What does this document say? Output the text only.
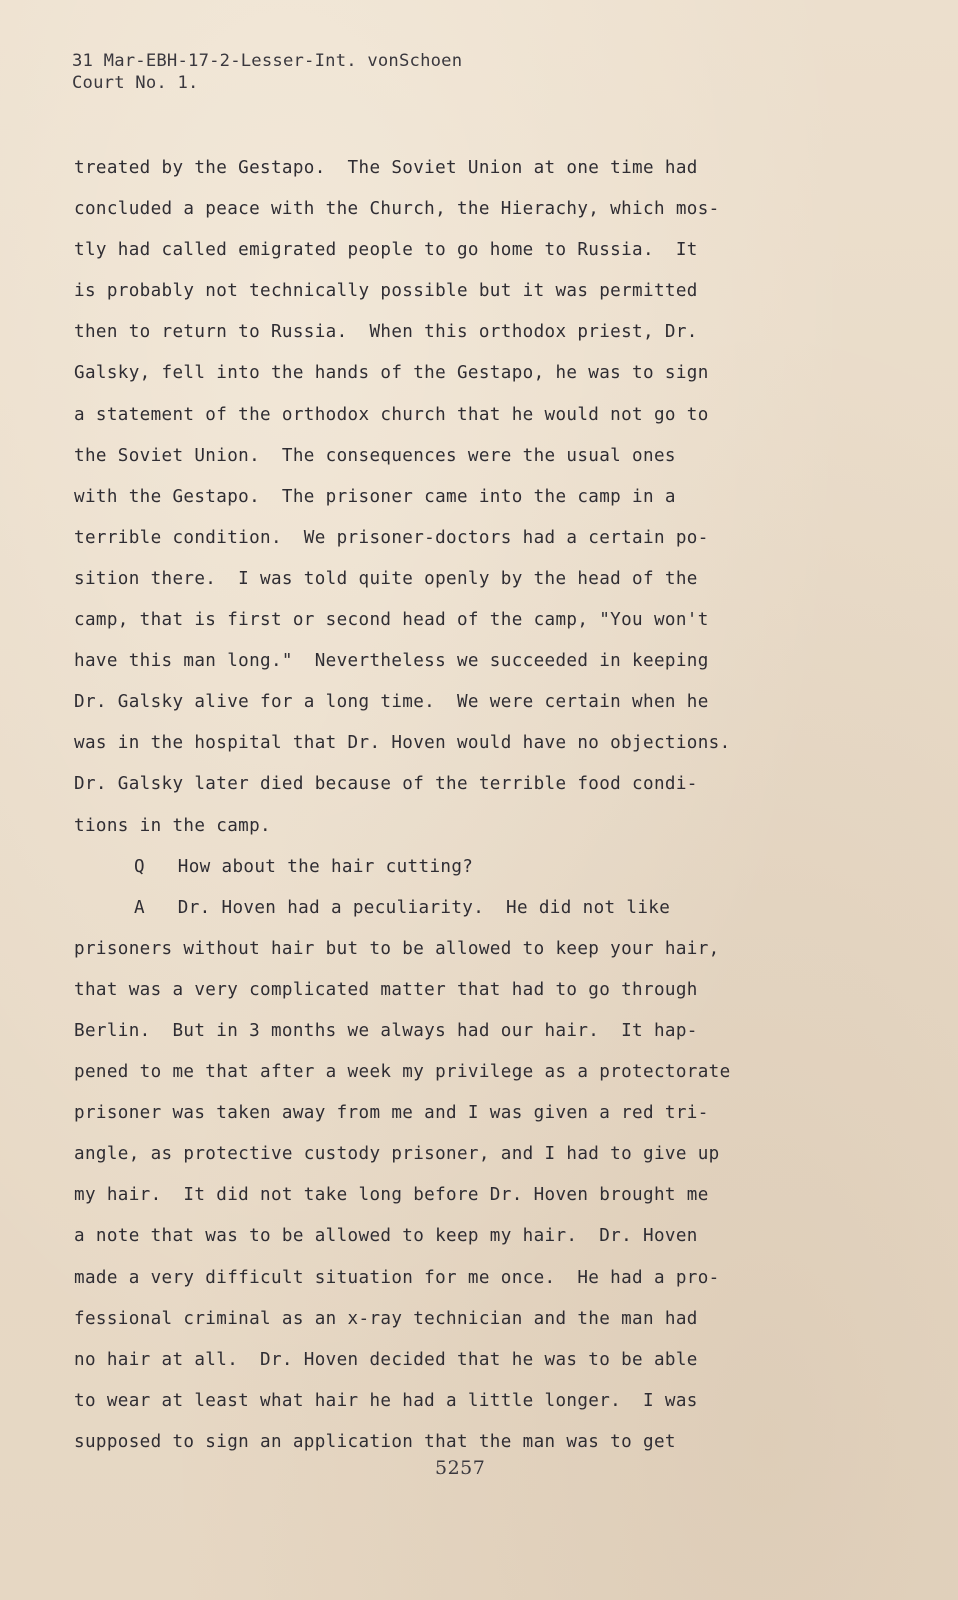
31 Mar-EBH-17-2-Lesser-Int. vonSchoen
Court No. 1.
treated by the Gestapo.  The Soviet Union at one time had
concluded a peace with the Church, the Hierachy, which mos-
tly had called emigrated people to go home to Russia.  It
is probably not technically possible but it was permitted
then to return to Russia.  When this orthodox priest, Dr.
Galsky, fell into the hands of the Gestapo, he was to sign
a statement of the orthodox church that he would not go to
the Soviet Union.  The consequences were the usual ones
with the Gestapo.  The prisoner came into the camp in a
terrible condition.  We prisoner-doctors had a certain po-
sition there.  I was told quite openly by the head of the
camp, that is first or second head of the camp, "You won't
have this man long."  Nevertheless we succeeded in keeping
Dr. Galsky alive for a long time.  We were certain when he
was in the hospital that Dr. Hoven would have no objections.
Dr. Galsky later died because of the terrible food condi-
tions in the camp.
Q   How about the hair cutting?
A   Dr. Hoven had a peculiarity.  He did not like
prisoners without hair but to be allowed to keep your hair,
that was a very complicated matter that had to go through
Berlin.  But in 3 months we always had our hair.  It hap-
pened to me that after a week my privilege as a protectorate
prisoner was taken away from me and I was given a red tri-
angle, as protective custody prisoner, and I had to give up
my hair.  It did not take long before Dr. Hoven brought me
a note that was to be allowed to keep my hair.  Dr. Hoven
made a very difficult situation for me once.  He had a pro-
fessional criminal as an x-ray technician and the man had
no hair at all.  Dr. Hoven decided that he was to be able
to wear at least what hair he had a little longer.  I was
supposed to sign an application that the man was to get
5257
